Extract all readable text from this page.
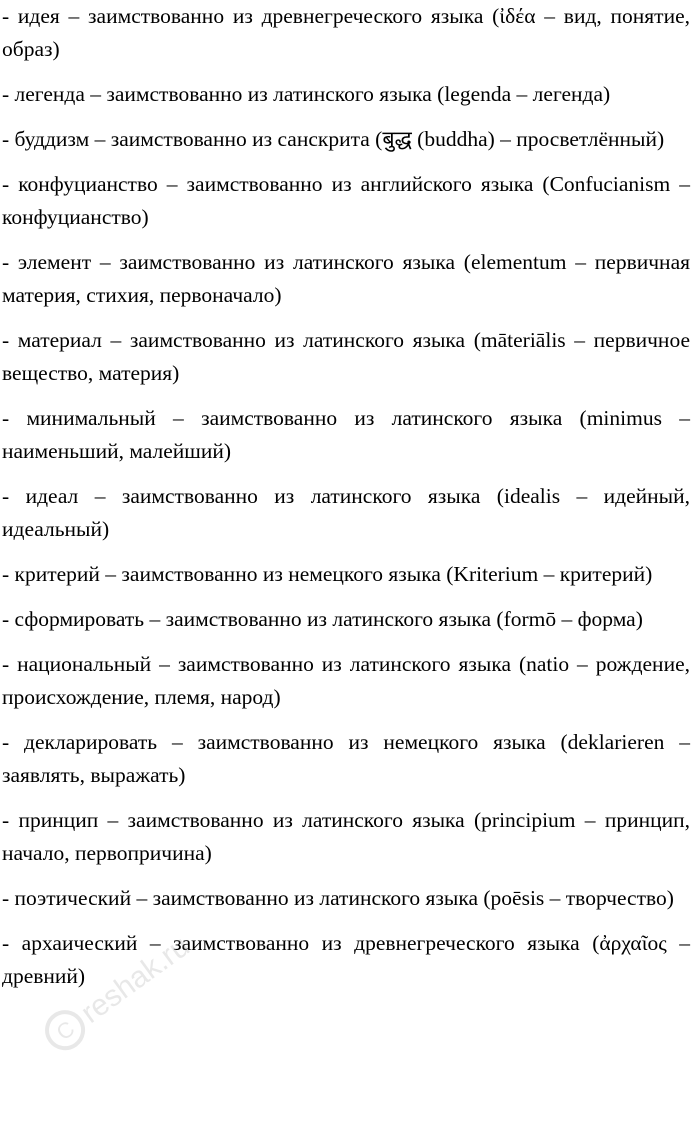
- идея – заимствованно из древнегреческого языка (ἰδέα – вид, понятие, образ)

- легенда – заимствованно из латинского языка (legenda – легенда)

- буддизм – заимствованно из санскрита (बुद्ध (buddha) – просветлённый)

- конфуцианство – заимствованно из английского языка (Confucianism – конфуцианство)

- элемент – заимствованно из латинского языка (elementum – первичная материя, стихия, первоначало)

- материал – заимствованно из латинского языка (māteriālis – первичное вещество, материя)

- минимальный – заимствованно из латинского языка (minimus – наименьший, малейший)

- идеал – заимствованно из латинского языка (idealis – идейный, идеальный)

- критерий – заимствованно из немецкого языка (Kriterium – критерий)

- сформировать – заимствованно из латинского языка (formō – форма)

- национальный – заимствованно из латинского языка (natio – рождение, происхождение, племя, народ)

- декларировать – заимствованно из немецкого языка (deklarieren – заявлять, выражать)

- принцип – заимствованно из латинского языка (principium – принцип, начало, первопричина)

- поэтический – заимствованно из латинского языка (poēsis – творчество)

- архаический – заимствованно из древнегреческого языка (ἀρχαῖος – древний)

C
reshak.ru
